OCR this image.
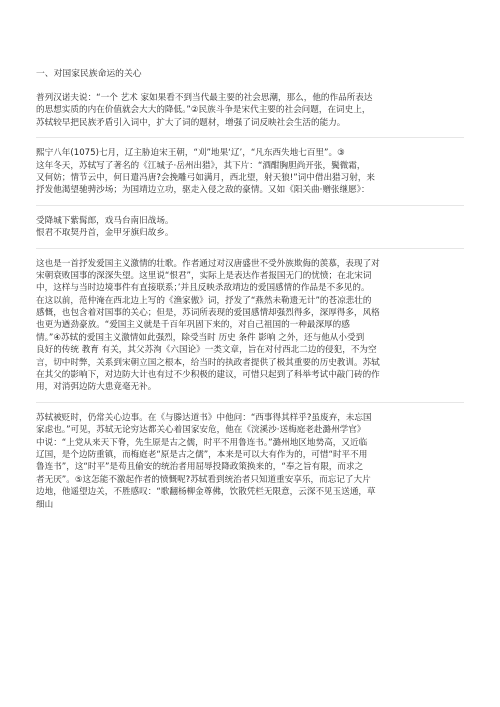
一、对国家民族命运的关心
普列汉诺夫说：“一个 艺术 家如果看不到当代最主要的社会思潮，那么，他的作品所表达
的思想实质的内在价值就会大大的降低。”②民族斗争是宋代主要的社会问题，在词史上，
苏轼较早把民族矛盾引入词中，扩大了词的题材，增强了词反映社会生活的能力。
熙宁八年(1075)七月，辽主胁迫宋王朝，“刈”地果‘辽’，“凡东西失地七百里”。③
这年冬天，苏轼写了著名的《江城子·岳州出猎》，其下片：“酒酣胸胆尚开张，鬓微霜，
又何妨；情节云中，何日遣冯唐?会挽雕弓如满月，西北望，射天狼!”词中借出猎习射，来
抒发他渴望驰骋沙场；为国靖边立功，驱走入侵之敌的豪情。又如《阳关曲·赠张继愿》：
受降城下紫髯郎，戏马台南旧战场。
恨君不取契丹首，金甲牙旗归故乡。
这也是一首抒发爱国主义激情的壮歌。作者通过对汉唐盛世不受外族欺侮的羡慕，表现了对
宋朝衰败国事的深深失望。这里说“恨君”，实际上是表达作者报国无门的忧愤；在北宋词
中，这样与当时边境事件有直接联系；’并且反映杀敌靖边的爱国感情的作品是不多见的。
在这以前，范仲淹在西北边上写的《渔家傲》词，抒发了“燕然未勒遗无计”的苍凉悲壮的
感慨，也包含着对国事的关心；但是，苏词所表现的爱国感情却强烈得多，深厚得多，风格
也更为遒劲豪放。“爱国主义就是千百年巩固下来的，对自己祖国的一种最深厚的感
情。”④苏轼的爱国主义激情如此强烈，除受当时 历史 条件 影响 之外，还与他从小受到
良好的传统 教育 有关，其父苏洵《六国论》一类文章，旨在对付西北二边的侵犯，不为空
言，切中时弊，关系到宋朝立国之根本，给当时的执政者提供了极其重要的历史教训。苏轼
在其父的影响下，对边防大计也有过不少积极的建议，可惜只起到了科举考试中敲门砖的作
用，对消弭边防大患竟毫无补。
苏轼被贬时，仍常关心边事。在《与滕达道书》中他问：“西事得其样乎?虽废弃，未忘国
家虑也。”可见，苏轼无论穷达都关心着国家安危，他在《浣溪沙·送梅庭老赴潞州学官》
中说：“上党从来天下脊，先生原是古之儒，时平不用鲁连书。”潞州地区地势高，又近临
辽国，是个边防重镇，而梅庭老“原是古之儒”，本来是可以大有作为的，可惜“时平不用
鲁连书”，这“时平”是苟且偷安的统治者用屈辱投降政策换来的，“奉之旨有限，而求之
者无厌”。⑤这怎能不激起作者的愤慨呢?苏轼看到统治者只知道重安享乐，而忘记了大片
边地，他遥望边关，不胜感叹：“歌翻杨柳金尊佛，饮散凭栏无限意，云深不见玉送通，草
细山
